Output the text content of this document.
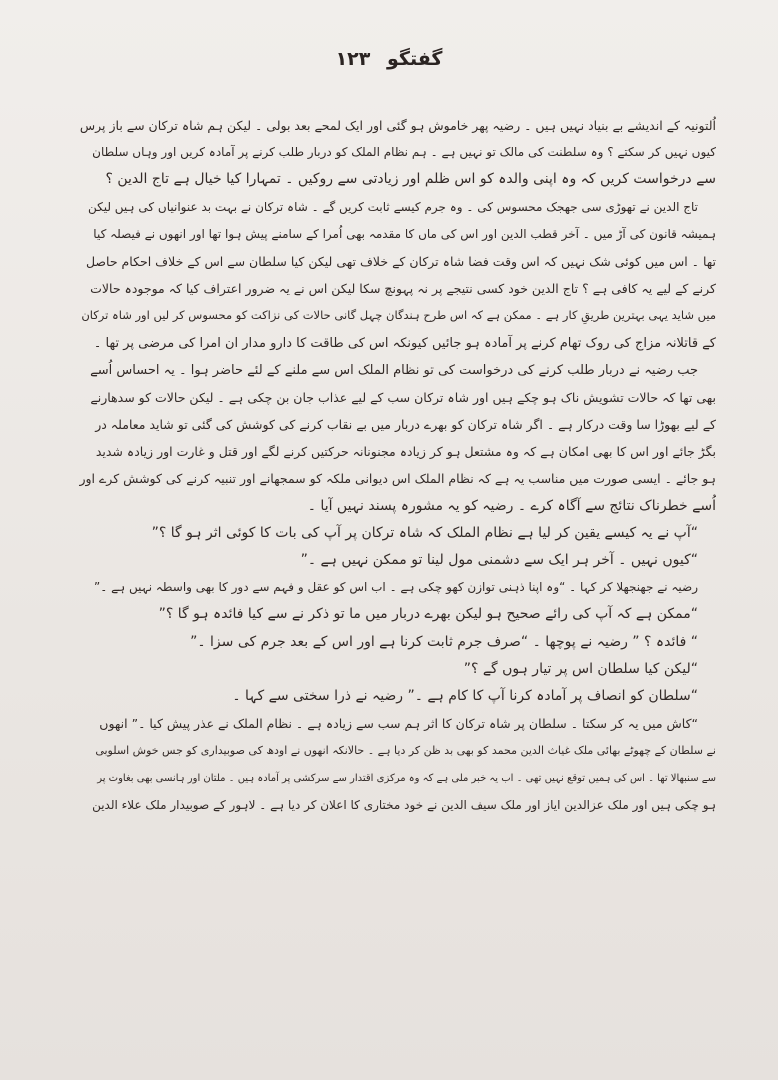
گفتگو ۱۲۳
اُلتونیہ کے اندیشے بے بنیاد نہیں ہیں ۔ رضیہ پھر خاموش ہو گئی اور ایک لمحے بعد بولی ۔ لیکن ہم شاہ ترکان سے باز پرس
کیوں نہیں کر سکتے ؟ وہ سلطنت کی مالک تو نہیں ہے ۔ ہم نظام الملک کو دربار طلب کرنے پر آمادہ کریں اور وہاں سلطان
سے درخواست کریں کہ وہ اپنی والدہ کو اس ظلم اور زیادتی سے روکیں ۔ تمہارا کیا خیال ہے تاج الدین ؟
تاج الدین نے تھوڑی سی جھجک محسوس کی ۔ وہ جرم کیسے ثابت کریں گے ۔ شاہ ترکان نے بہت بد عنوانیاں کی ہیں لیکن
ہمیشہ قانون کی آڑ میں ۔ آخر قطب الدین اور اس کی ماں کا مقدمہ بھی اُمرا کے سامنے پیش ہوا تھا اور انھوں نے فیصلہ کیا
تھا ۔ اس میں کوئی شک نہیں کہ اس وقت فضا شاہ ترکان کے خلاف تھی لیکن کیا سلطان سے اس کے خلاف احکام حاصل
کرنے کے لیے یہ کافی ہے ؟ تاج الدین خود کسی نتیجے پر نہ پہونچ سکا لیکن اس نے یہ ضرور اعتراف کیا کہ موجودہ حالات
میں شاید یہی بہترین طریقِ کار ہے ۔ ممکن ہے کہ اس طرح ہندگان چہل گانی حالات کی نزاکت کو محسوس کر لیں اور شاہ ترکان
کے قاتلانہ مزاج کی روک تھام کرنے پر آمادہ ہو جائیں کیونکہ اس کی طاقت کا دارو مدار ان امرا کی مرضی پر تھا ۔
جب رضیہ نے دربار طلب کرنے کی درخواست کی تو نظام الملک اس سے ملنے کے لئے حاضر ہوا ۔ یہ احساس اُسے
بھی تھا کہ حالات تشویش ناک ہو چکے ہیں اور شاہ ترکان سب کے لیے عذاب جان بن چکی ہے ۔ لیکن حالات کو سدھارنے
کے لیے بھوڑا سا وقت درکار ہے ۔ اگر شاہ ترکان کو بھرے دربار میں بے نقاب کرنے کی کوشش کی گئی تو شاید معاملہ در
بگڑ جائے اور اس کا بھی امکان ہے کہ وہ مشتعل ہو کر زیادہ مجنونانہ حرکتیں کرنے لگے اور قتل و غارت اور زیادہ شدید
ہو جائے ۔ ایسی صورت میں مناسب یہ ہے کہ نظام الملک اس دیوانی ملکہ کو سمجھانے اور تنبیہ کرنے کی کوشش کرے اور
اُسے خطرناک نتائج سے آگاہ کرے ۔ رضیہ کو یہ مشورہ پسند نہیں آیا ۔
“آپ نے یہ کیسے یقین کر لیا ہے نظام الملک کہ شاہ ترکان پر آپ کی بات کا کوئی اثر ہو گا ؟”
“کیوں نہیں ۔ آخر ہر ایک سے دشمنی مول لینا تو ممکن نہیں ہے ۔”
رضیہ نے جھنجھلا کر کہا ۔ “وہ اپنا ذہنی توازن کھو چکی ہے ۔ اب اس کو عقل و فہم سے دور کا بھی واسطہ نہیں ہے ۔”
“ممکن ہے کہ آپ کی رائے صحیح ہو لیکن بھرے دربار میں ما تو ذکر نے سے کیا فائدہ ہو گا ؟”
“ فائدہ ؟ ” رضیہ نے پوچھا ۔ “صرف جرم ثابت کرنا ہے اور اس کے بعد جرم کی سزا ۔”
“لیکن کیا سلطان اس پر تیار ہوں گے ؟”
“سلطان کو انصاف پر آمادہ کرنا آپ کا کام ہے ۔” رضیہ نے ذرا سختی سے کہا ۔
“کاش میں یہ کر سکتا ۔ سلطان پر شاہ ترکان کا اثر ہم سب سے زیادہ ہے ۔ نظام الملک نے عذر پیش کیا ۔” انھوں
نے سلطان کے چھوٹے بھائی ملک غیاث الدین محمد کو بھی بد ظن کر دیا ہے ۔ حالانکہ انھوں نے اودھ کی صوبیداری کو جس خوش اسلوبی
سے سنبھالا تھا ۔ اس کی ہمیں توقع نہیں تھی ۔ اب یہ خبر ملی ہے کہ وہ مرکزی اقتدار سے سرکشی پر آمادہ ہیں ۔ ملتان اور ہانسی بھی بغاوت پر
ہو چکی ہیں اور ملک عزالدین ایاز اور ملک سیف الدین نے خود مختاری کا اعلان کر دیا ہے ۔ لاہور کے صوبیدار ملک علاء الدین
